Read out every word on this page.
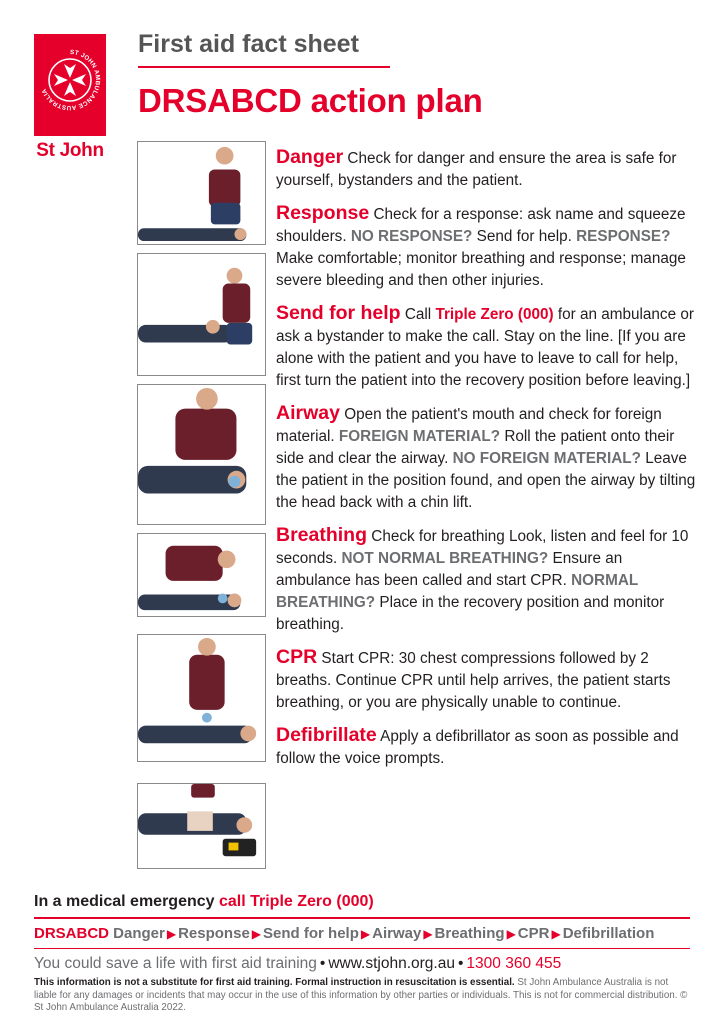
ST JOHN AMBULANCE AUSTRALIA
St John
First aid fact sheet
DRSABCD action plan

Danger Check for danger and ensure the area is safe for yourself, bystanders and the patient.

Response Check for a response: ask name and squeeze shoulders. NO RESPONSE? Send for help. RESPONSE? Make comfortable; monitor breathing and response; manage severe bleeding and then other injuries.

Send for help Call Triple Zero (000) for an ambulance or ask a bystander to make the call. Stay on the line. [If you are alone with the patient and you have to leave to call for help, first turn the patient into the recovery position before leaving.]

Airway Open the patient's mouth and check for foreign material. FOREIGN MATERIAL? Roll the patient onto their side and clear the airway. NO FOREIGN MATERIAL? Leave the patient in the position found, and open the airway by tilting the head back with a chin lift.

Breathing Check for breathing Look, listen and feel for 10 seconds. NOT NORMAL BREATHING? Ensure an ambulance has been called and start CPR. NORMAL BREATHING? Place in the recovery position and monitor breathing.

CPR Start CPR: 30 chest compressions followed by 2 breaths. Continue CPR until help arrives, the patient starts breathing, or you are physically unable to continue.

Defibrillate Apply a defibrillator as soon as possible and follow the voice prompts.

In a medical emergency call Triple Zero (000)
DRSABCD Danger ▶ Response ▶ Send for help ▶ Airway ▶ Breathing ▶ CPR ▶ Defibrillation
You could save a life with first aid training • www.stjohn.org.au • 1300 360 455

This information is not a substitute for first aid training. Formal instruction in resuscitation is essential. St John Ambulance Australia is not liable for any damages or incidents that may occur in the use of this information by other parties or individuals. This is not for commercial distribution. © St John Ambulance Australia 2022.
